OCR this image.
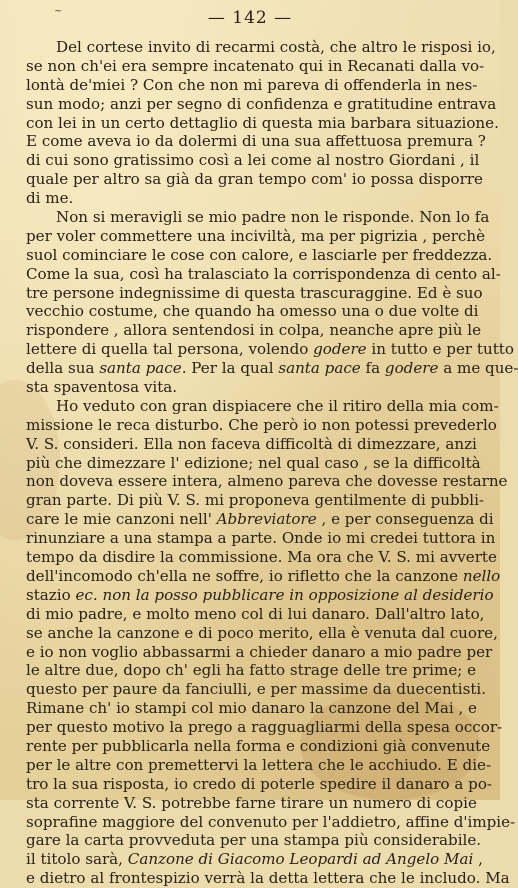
~	— 142 —
Del cortese invito di recarmi costà, che altro le risposi io,
se non ch'ei era sempre incatenato qui in Recanati dalla vo-
lontà de'miei ? Con che non mi pareva di offenderla in nes-
sun modo; anzi per segno di confidenza e gratitudine entrava
con lei in un certo dettaglio di questa mia barbara situazione.
E come aveva io da dolermi di una sua affettuosa premura ?
di cui sono gratissimo così a lei come al nostro Giordani , il
quale per altro sa già da gran tempo com' io possa disporre
di me.
Non si meravigli se mio padre non le risponde. Non lo fa
per voler commettere una inciviltà, ma per pigrizia , perchè
suol cominciare le cose con calore, e lasciarle per freddezza.
Come la sua, così ha tralasciato la corrispondenza di cento al-
tre persone indegnissime di questa trascuraggine. Ed è suo
vecchio costume, che quando ha omesso una o due volte di
rispondere , allora sentendosi in colpa, neanche apre più le
lettere di quella tal persona, volendo godere in tutto e per tutto
della sua santa pace. Per la qual santa pace fa godere a me que-
sta spaventosa vita.
Ho veduto con gran dispiacere che il ritiro della mia com-
missione le reca disturbo. Che però io non potessi prevederlo
V. S. consideri. Ella non faceva difficoltà di dimezzare, anzi
più che dimezzare l' edizione; nel qual caso , se la difficoltà
non doveva essere intera, almeno pareva che dovesse restarne
gran parte. Di più V. S. mi proponeva gentilmente di pubbli-
care le mie canzoni nell' Abbreviatore , e per conseguenza di
rinunziare a una stampa a parte. Onde io mi credei tuttora in
tempo da disdire la commissione. Ma ora che V. S. mi avverte
dell'incomodo ch'ella ne soffre, io rifletto che la canzone nello
stazio ec. non la posso pubblicare in opposizione al desiderio
di mio padre, e molto meno col di lui danaro. Dall'altro lato,
se anche la canzone e di poco merito, ella è venuta dal cuore,
e io non voglio abbassarmi a chieder danaro a mio padre per
le altre due, dopo ch' egli ha fatto strage delle tre prime; e
questo per paure da fanciulli, e per massime da duecentisti.
Rimane ch' io stampi col mio danaro la canzone del Mai , e
per questo motivo la prego a ragguagliarmi della spesa occor-
rente per pubblicarla nella forma e condizioni già convenute
per le altre con premettervi la lettera che le acchiudo. E die-
tro la sua risposta, io credo di poterle spedire il danaro a po-
sta corrente V. S. potrebbe farne tirare un numero di copie
soprafine maggiore del convenuto per l'addietro, affine d'impie-
gare la carta provveduta per una stampa più considerabile.
il titolo sarà, Canzone di Giacomo Leopardi ad Angelo Mai ,
e dietro al frontespizio verrà la detta lettera che le includo. Ma
